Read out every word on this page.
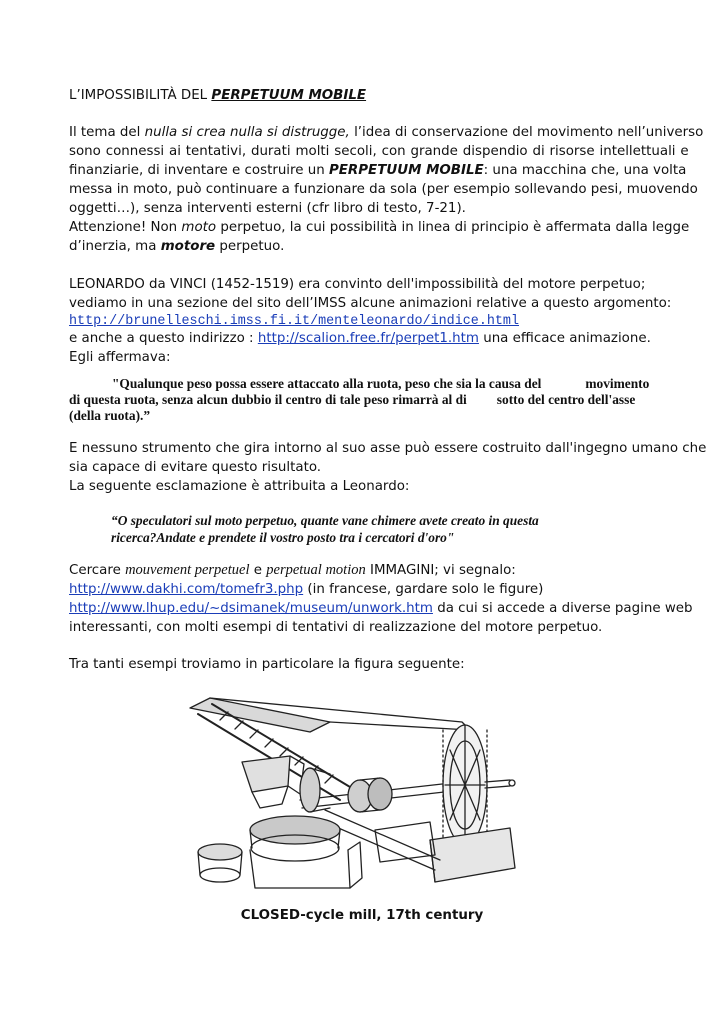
L’IMPOSSIBILITÀ DEL PERPETUUM MOBILE
Il tema del nulla si crea nulla si distrugge, l’idea di conservazione del movimento nell’universo
sono connessi ai tentativi, durati molti secoli, con grande dispendio di risorse intellettuali e
finanziarie, di inventare e costruire un PERPETUUM MOBILE: una macchina che, una volta
messa in moto, può continuare a funzionare da sola (per esempio sollevando pesi, muovendo
oggetti…), senza interventi esterni (cfr libro di testo, 7-21).
Attenzione! Non moto perpetuo, la cui possibilità in linea di principio è affermata dalla legge
d’inerzia, ma motore perpetuo.
LEONARDO da VINCI (1452-1519) era convinto dell'impossibilità del motore perpetuo;
vediamo in una sezione del sito dell’IMSS alcune animazioni relative a questo argomento:
http://brunelleschi.imss.fi.it/menteleonardo/indice.html
e anche a questo indirizzo : http://scalion.free.fr/perpet1.htm una efficace animazione.
Egli affermava:
"Qualunque peso possa essere attaccato alla ruota, peso che sia la causa del	movimento
di questa ruota, senza alcun dubbio il centro di tale peso rimarrà al di sotto del centro dell'asse
(della ruota).”
E nessuno strumento che gira intorno al suo asse può essere costruito dall'ingegno umano che
sia capace di evitare questo risultato.
La seguente esclamazione è attribuita a Leonardo:
“O speculatori sul moto perpetuo, quante vane chimere avete creato in questa
ricerca?Andate e prendete il vostro posto tra i cercatori d'oro"
Cercare mouvement perpetuel e perpetual motion IMMAGINI; vi segnalo:
http://www.dakhi.com/tomefr3.php (in francese, gardare solo le figure)
http://www.lhup.edu/~dsimanek/museum/unwork.htm da cui si accede a diverse pagine web
interessanti, con molti esempi di tentativi di realizzazione del motore perpetuo.
Tra tanti esempi troviamo in particolare la figura seguente:
CLOSED-cycle mill, 17th century
